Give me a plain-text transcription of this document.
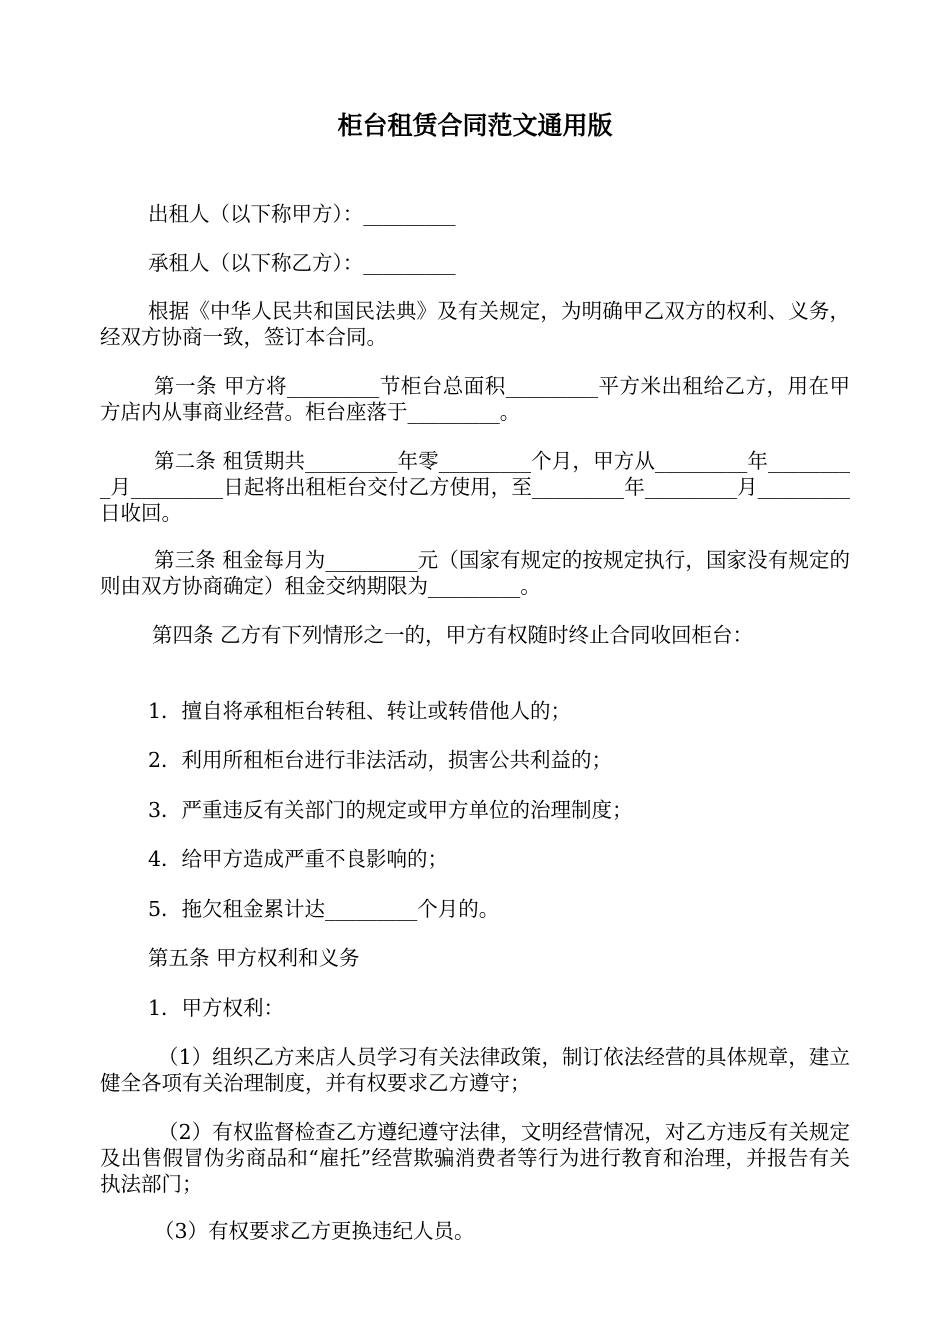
柜台租赁合同范文通用版

出租人（以下称甲方）：_________

承租人（以下称乙方）：_________

根据《中华人民共和国民法典》及有关规定，为明确甲乙双方的权利、义务，经双方协商一致，签订本合同。

第一条 甲方将_________节柜台总面积_________平方米出租给乙方，用在甲方店内从事商业经营。柜台座落于_________。

第二条 租赁期共_________年零_________个月，甲方从_________年_________月_________日起将出租柜台交付乙方使用，至_________年_________月_________日收回。

第三条 租金每月为_________元（国家有规定的按规定执行，国家没有规定的则由双方协商确定）租金交纳期限为_________。

第四条 乙方有下列情形之一的，甲方有权随时终止合同收回柜台：

1．擅自将承租柜台转租、转让或转借他人的；

2．利用所租柜台进行非法活动，损害公共利益的；

3．严重违反有关部门的规定或甲方单位的治理制度；

4．给甲方造成严重不良影响的；

5．拖欠租金累计达_________个月的。

第五条 甲方权利和义务

1．甲方权利：

（1）组织乙方来店人员学习有关法律政策，制订依法经营的具体规章，建立健全各项有关治理制度，并有权要求乙方遵守；

（2）有权监督检查乙方遵纪遵守法律，文明经营情况，对乙方违反有关规定及出售假冒伪劣商品和“雇托”经营欺骗消费者等行为进行教育和治理，并报告有关执法部门；

（3）有权要求乙方更换违纪人员。
